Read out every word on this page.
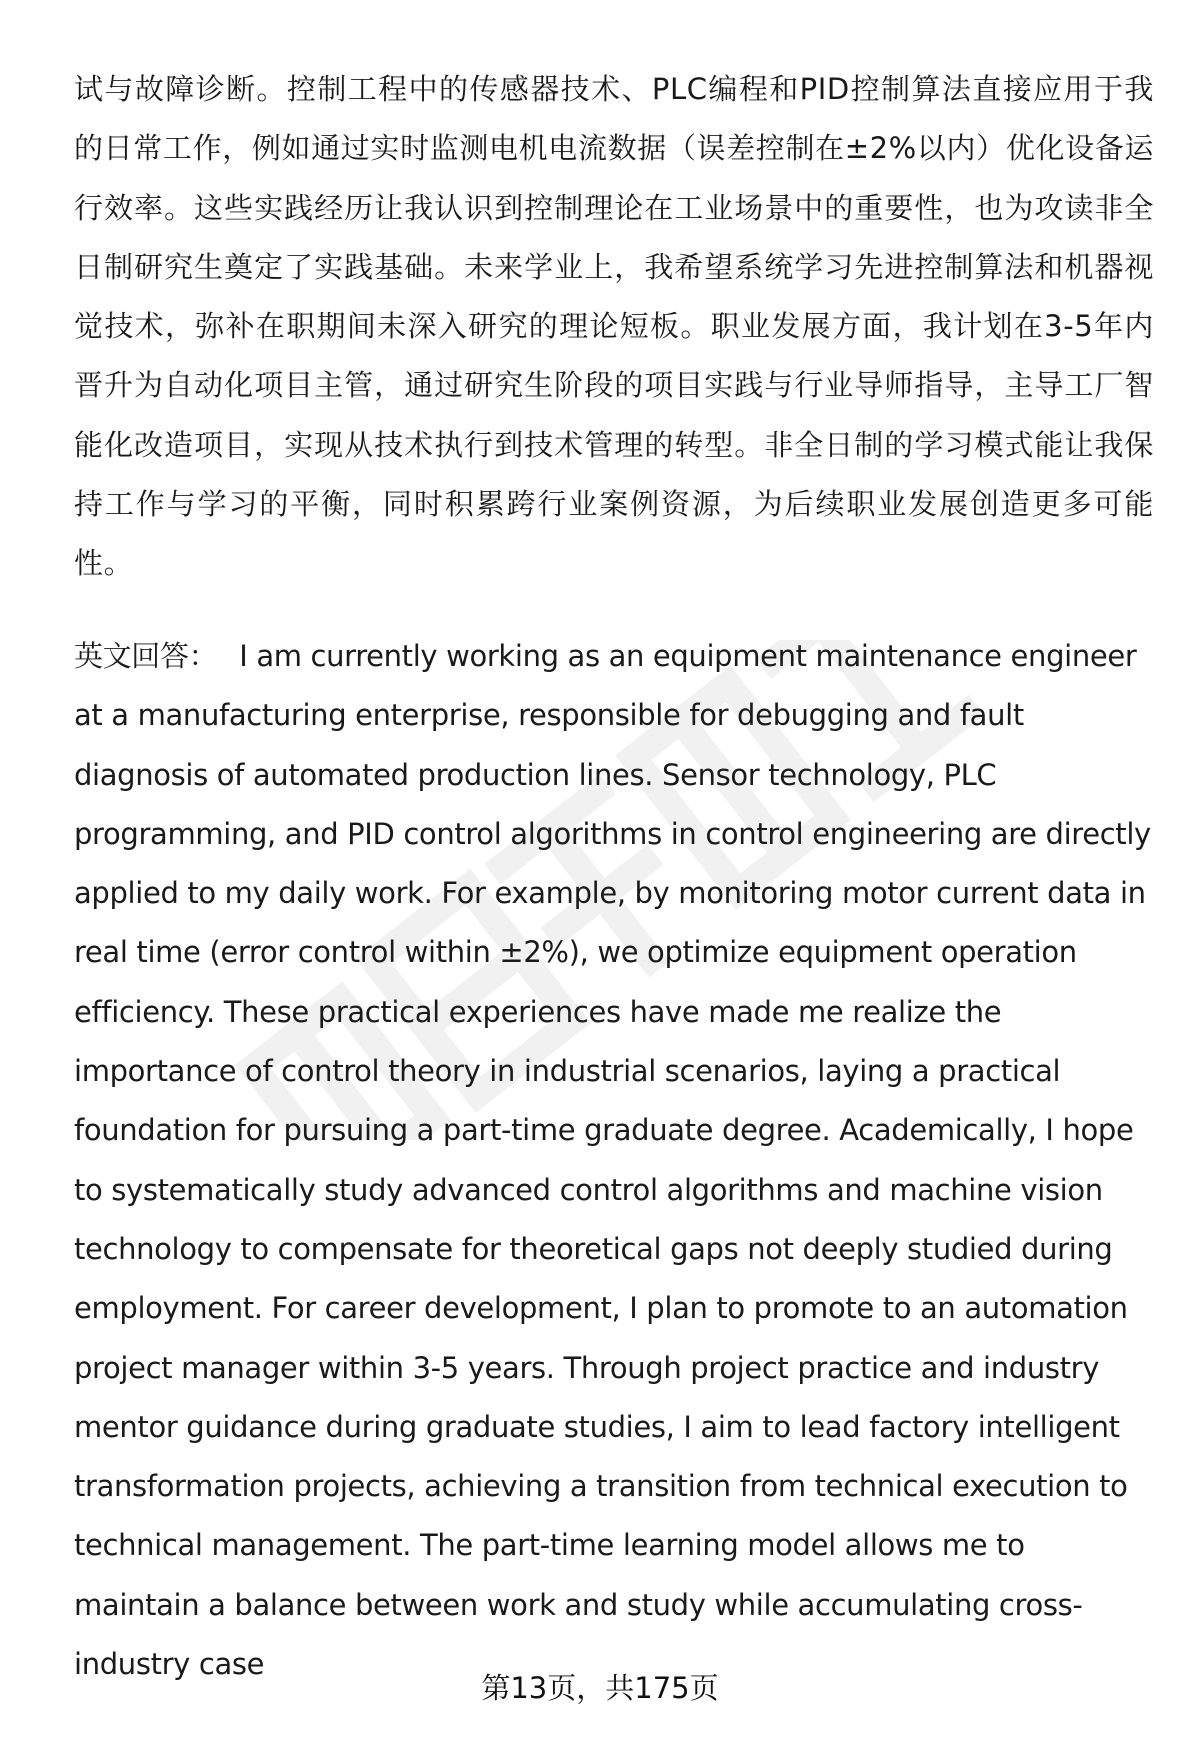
试与故障诊断。控制工程中的传感器技术、PLC编程和PID控制算法直接应用于我的日常工作，例如通过实时监测电机电流数据（误差控制在±2%以内）优化设备运行效率。这些实践经历让我认识到控制理论在工业场景中的重要性，也为攻读非全日制研究生奠定了实践基础。未来学业上，我希望系统学习先进控制算法和机器视觉技术，弥补在职期间未深入研究的理论短板。职业发展方面，我计划在3-5年内晋升为自动化项目主管，通过研究生阶段的项目实践与行业导师指导，主导工厂智能化改造项目，实现从技术执行到技术管理的转型。非全日制的学习模式能让我保持工作与学习的平衡，同时积累跨行业案例资源，为后续职业发展创造更多可能性。
英文回答： I am currently working as an equipment maintenance engineer at a manufacturing enterprise, responsible for debugging and fault diagnosis of automated production lines. Sensor technology, PLC programming, and PID control algorithms in control engineering are directly applied to my daily work. For example, by monitoring motor current data in real time (error control within ±2%), we optimize equipment operation efficiency. These practical experiences have made me realize the importance of control theory in industrial scenarios, laying a practical foundation for pursuing a part-time graduate degree. Academically, I hope to systematically study advanced control algorithms and machine vision technology to compensate for theoretical gaps not deeply studied during employment. For career development, I plan to promote to an automation project manager within 3-5 years. Through project practice and industry mentor guidance during graduate studies, I aim to lead factory intelligent transformation projects, achieving a transition from technical execution to technical management. The part-time learning model allows me to maintain a balance between work and study while accumulating cross-industry case
第13页，共175页
